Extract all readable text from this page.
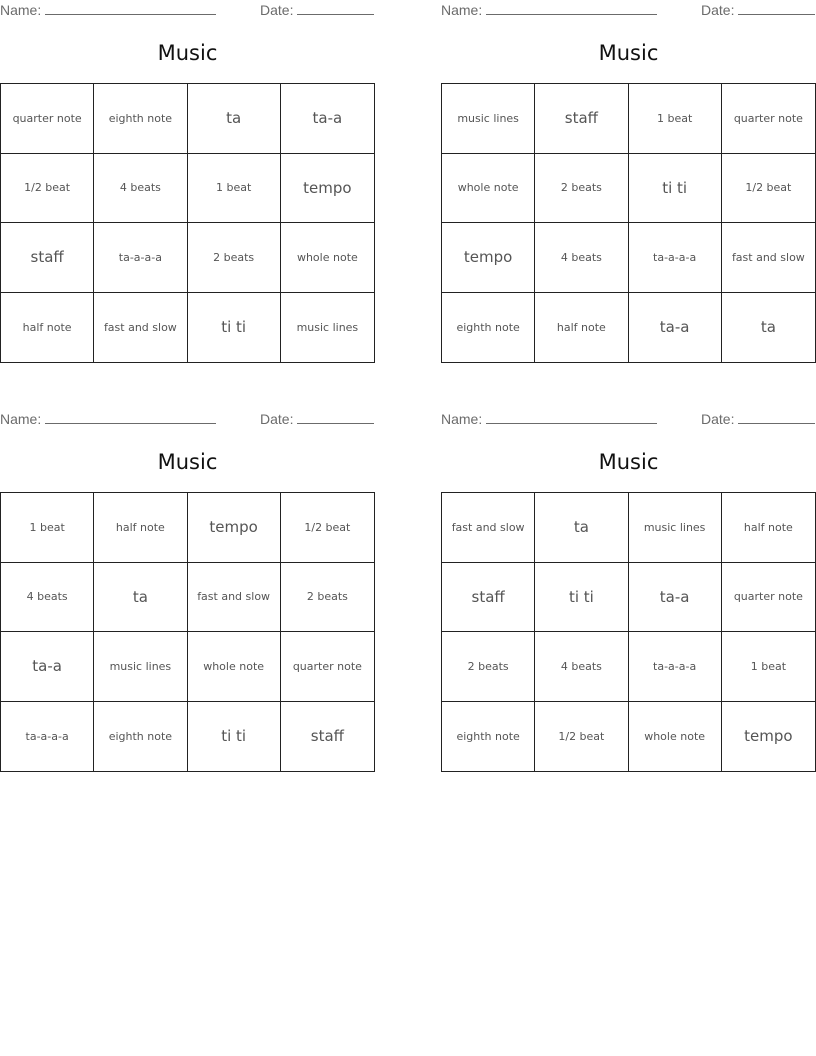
Name:	Date:
Music
quarter note	eighth note	ta	ta-a
1/2 beat	4 beats	1 beat	tempo
staff	ta-a-a-a	2 beats	whole note
half note	fast and slow	ti ti	music lines
Name:	Date:
Music
music lines	staff	1 beat	quarter note
whole note	2 beats	ti ti	1/2 beat
tempo	4 beats	ta-a-a-a	fast and slow
eighth note	half note	ta-a	ta
Name:	Date:
Music
1 beat	half note	tempo	1/2 beat
4 beats	ta	fast and slow	2 beats
ta-a	music lines	whole note	quarter note
ta-a-a-a	eighth note	ti ti	staff
Name:	Date:
Music
fast and slow	ta	music lines	half note
staff	ti ti	ta-a	quarter note
2 beats	4 beats	ta-a-a-a	1 beat
eighth note	1/2 beat	whole note	tempo
